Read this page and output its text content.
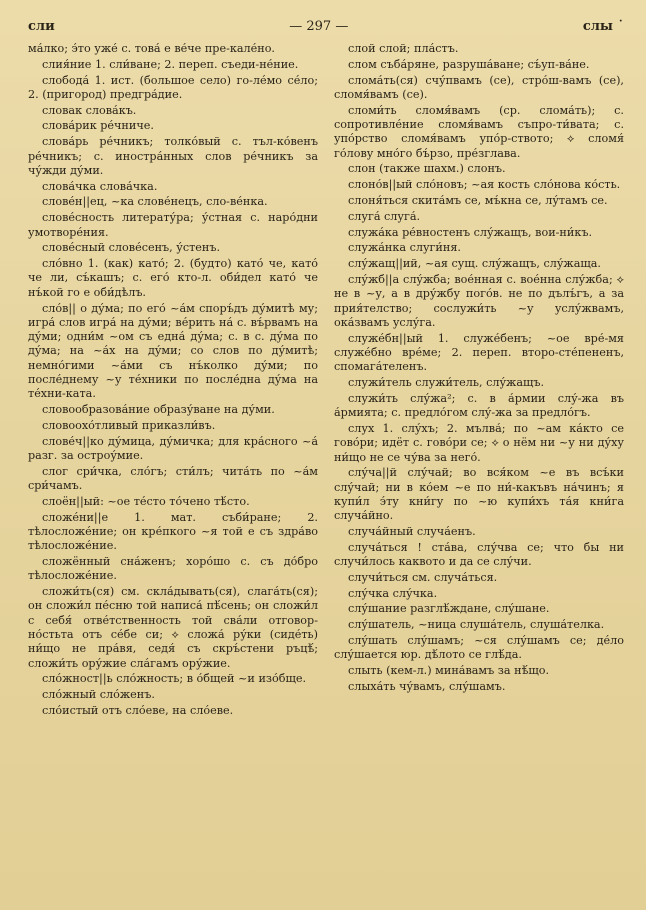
сли	— 297 —	слы ˙

ма́лко; э́то уже́ с. това́ е ве́че пре-кале́но.

слия́ние 1. сли́ване; 2. переп. съеди-не́ние.

слобода́ 1. ист. (большое село) го-ле́мо се́ло; 2. (пригород) предгра́дие.

словак слова́къ.

слова́рик ре́чниче.

слова́рь ре́чникъ; толко́вый с. тъл-ко́венъ ре́чникъ; с. иностра́нных слов ре́чникъ за чу́жди ду́ми.

слова́чка слова́чка.

слове́н||ец, ~ка слове́нецъ, сло-ве́нка.

слове́сность литерату́ра; у́стная с. наро́дни умотворе́ния.

слове́сный слове́сенъ, у́стенъ.

сло́вно 1. (как) като́; 2. (будто) като́ че, като́ че ли, съ́кашъ; с. его́ кто-л. оби́дел като́ че нъ́кой го е оби́дѣлъ.

сло́в|| о ду́ма; по его́ ~а́м споръ́дъ ду́митѣ му; игра́ слов игра́ на ду́ми; ве́рить на́ с. въ́рвамъ на ду́ми; одни́м ~ом съ една́ ду́ма; с. в с. ду́ма по ду́ма; на ~а́х на ду́ми; со слов по ду́митѣ; немно́гими ~а́ми съ нъ́колко ду́ми; по после́днему ~у те́хники по после́дна ду́ма на те́хни-ката.

словообразова́ние образу́ване на ду́ми.

словоохо́тливый приказли́въ.

слове́ч||ко ду́мица, ду́мичка; для кра́сного ~а́ разг. за остроу́мие.

слог сри́чка, сло́гъ; сти́лъ; чита́ть по ~а́м сри́чамъ.

слоён||ый: ~ое те́сто то́чено тѣ́сто.

сложе́ни||е 1. мат. съби́ране; 2. тѣлосложе́ние; он кре́пкого ~я той е съ здра́во тѣлосложе́ние.

сложённый сна́женъ; хоро́шо с. съ до́бро тѣлосложе́ние.

сложи́ть(ся) см. скла́дывать(ся), слага́ть(ся); он сложи́л пе́сню той написа́ пѣ́сень; он сложи́л с себя́ отве́тственность той сва́ли отговор-но́стьта отъ се́бе си; ⟡ сложа́ ру́ки (сиде́ть) ни́що не пра́вя, седя́ съ скръ́стени ръцѣ́; сложи́ть ору́жие сла́гамъ ору́жие.

сло́жност||ь сло́жность; в о́бщей ~и изо́бще.

сло́жный сло́женъ.

сло́истый отъ сло́еве, на сло́еве.

слой слой; пла́стъ.

слом съба́ряне, разруша́ване; съ́уп-ва́не.

слома́ть(ся) счу́пвамъ (се), стро́ш-вамъ (се), сломя́вамъ (се).

сломи́ть сломя́вамъ (ср. слома́ть); с. сопротивле́ние сломя́вамъ съпро-ти́вата; с. упо́рство сломя́вамъ упо́р-ството; ⟡ сломя́ го́лову мно́го бъ́рзо, пре́зглава.

слон (также шахм.) слонъ.

слоно́в||ый сло́новъ; ~ая кость сло́нова ко́сть.

слоня́ться скита́мъ се, мъ́кна се, лу́тамъ се.

слуга́ слуга́.

служа́ка ре́вностенъ слу́жащъ, вои-ни́къ.

служа́нка слуги́ня.

слу́жащ||ий, ~ая сущ. слу́жащъ, слу́жаща.

слу́жб||а слу́жба; вое́нная с. вое́нна слу́жба; ⟡ не в ~у, а в дру́жбу пого́в. не по дълъ́гъ, а за прия́телство; сослужи́ть ~у услу́жвамъ, ока́звамъ услу́га.

служе́бн||ый 1. служе́бенъ; ~ое вре́-мя служе́бно вре́ме; 2. переп. второ-сте́пененъ, спомага́теленъ.

служи́тель служи́тель, слу́жащъ.

служи́ть слу́жа²; с. в а́рмии слу́-жа въ а́рмията; с. предло́гом слу́-жа за предло́гъ.

слух 1. слу́хъ; 2. мълва́; по ~ам ка́кто се гово́ри; идёт с. гово́ри се; ⟡ о нём ни ~у ни ду́ху ни́що не се чу́ва за него́.

слу́ча||й слу́чай; во вся́ком ~е въ всъ́ки слу́чай; ни в ко́ем ~е по ни́-какъвъ на́чинъ; я купи́л э́ту кни́гу по ~ю купи́хъ та́я кни́га случа́йно.

случа́йный случа́енъ.

случа́ться ! ста́ва, слу́чва се; что бы ни случи́лось каквото и да се слу́чи.

случи́ться см. случа́ться.

слу́чка слу́чка.

слу́шание разглѣ́ждане, слу́шане.

слу́шатель, ~ница слуша́тель, слуша́телка.

слу́шать слу́шамъ; ~ся слу́шамъ се; де́ло слу́шается юр. дѣ́лото се глѣ́да.

слыть (кем-л.) мина́вамъ за нѣ́що.

слыха́ть чу́вамъ, слу́шамъ.
